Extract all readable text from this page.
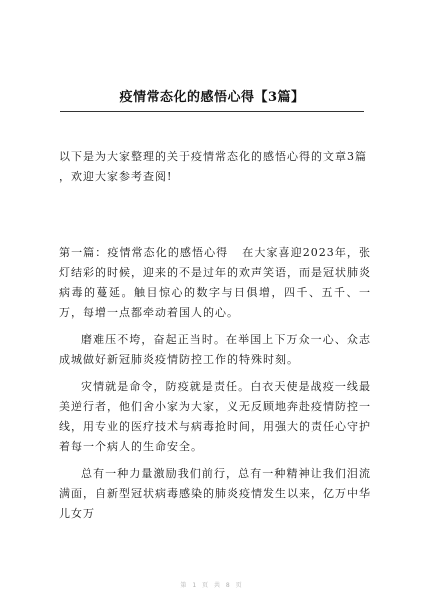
疫情常态化的感悟心得【3篇】

以下是为大家整理的关于疫情常态化的感悟心得的文章3篇 ，欢迎大家参考查阅!

第一篇：疫情常态化的感悟心得 在大家喜迎2023年，张灯结彩的时候，迎来的不是过年的欢声笑语，而是冠状肺炎病毒的蔓延。触目惊心的数字与日俱增，四千、五千、一万，每增一点都牵动着国人的心。

磨难压不垮，奋起正当时。在举国上下万众一心、众志成城做好新冠肺炎疫情防控工作的特殊时刻。

灾情就是命令，防疫就是责任。白衣天使是战疫一线最美逆行者，他们舍小家为大家，义无反顾地奔赴疫情防控一线，用专业的医疗技术与病毒抢时间，用强大的责任心守护着每一个病人的生命安全。

总有一种力量激励我们前行，总有一种精神让我们泪流满面，自新型冠状病毒感染的肺炎疫情发生以来，亿万中华儿女万

第 1 页 共 8 页
